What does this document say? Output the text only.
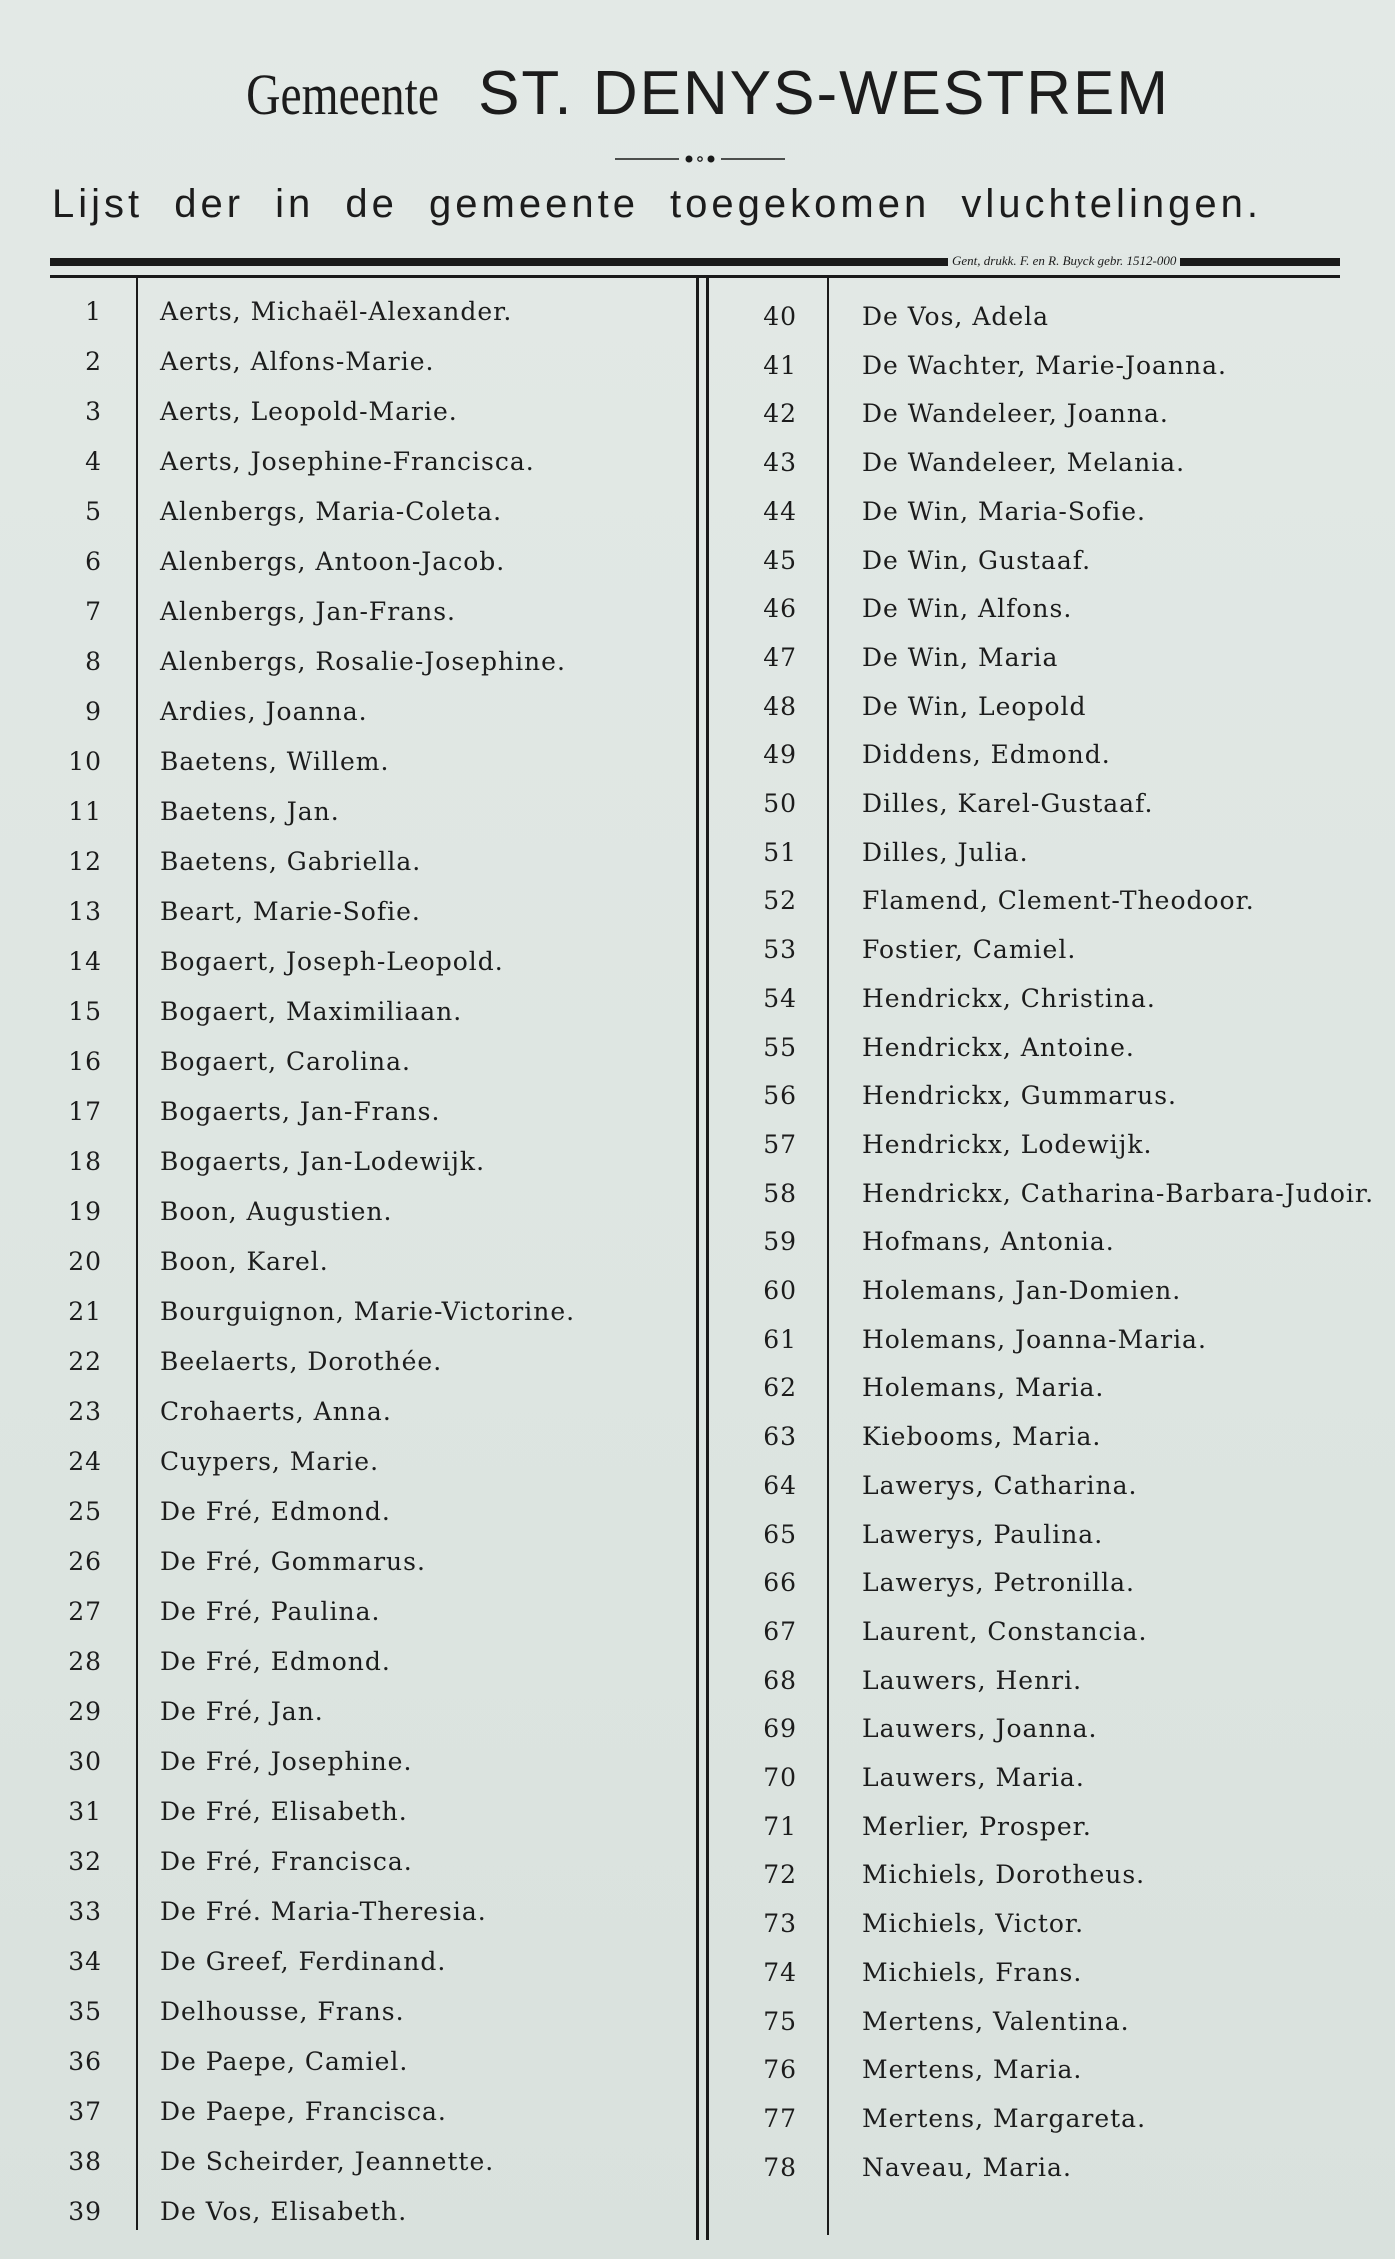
Gemeente ST. DENYS-WESTREM
Lijst der in de gemeente toegekomen vluchtelingen.
Gent, drukk. F. en R. Buyck gebr. 1512-000
1 Aerts, Michaël-Alexander.
2 Aerts, Alfons-Marie.
3 Aerts, Leopold-Marie.
4 Aerts, Josephine-Francisca.
5 Alenbergs, Maria-Coleta.
6 Alenbergs, Antoon-Jacob.
7 Alenbergs, Jan-Frans.
8 Alenbergs, Rosalie-Josephine.
9 Ardies, Joanna.
10 Baetens, Willem.
11 Baetens, Jan.
12 Baetens, Gabriella.
13 Beart, Marie-Sofie.
14 Bogaert, Joseph-Leopold.
15 Bogaert, Maximiliaan.
16 Bogaert, Carolina.
17 Bogaerts, Jan-Frans.
18 Bogaerts, Jan-Lodewijk.
19 Boon, Augustien.
20 Boon, Karel.
21 Bourguignon, Marie-Victorine.
22 Beelaerts, Dorothée.
23 Crohaerts, Anna.
24 Cuypers, Marie.
25 De Fré, Edmond.
26 De Fré, Gommarus.
27 De Fré, Paulina.
28 De Fré, Edmond.
29 De Fré, Jan.
30 De Fré, Josephine.
31 De Fré, Elisabeth.
32 De Fré, Francisca.
33 De Fré. Maria-Theresia.
34 De Greef, Ferdinand.
35 Delhousse, Frans.
36 De Paepe, Camiel.
37 De Paepe, Francisca.
38 De Scheirder, Jeannette.
39 De Vos, Elisabeth.
40	De Vos, Adela
41	De Wachter, Marie-Joanna.
42	De Wandeleer, Joanna.
43	De Wandeleer, Melania.
44	De Win, Maria-Sofie.
45	De Win, Gustaaf.
46	De Win, Alfons.
47	De Win, Maria
48	De Win, Leopold
49	Diddens, Edmond.
50	Dilles, Karel-Gustaaf.
51	Dilles, Julia.
52	Flamend, Clement-Theodoor.
53	Fostier, Camiel.
54	Hendrickx, Christina.
55	Hendrickx, Antoine.
56	Hendrickx, Gummarus.
57	Hendrickx, Lodewijk.
58	Hendrickx, Catharina-Barbara-Judoir.
59	Hofmans, Antonia.
60	Holemans, Jan-Domien.
61	Holemans, Joanna-Maria.
62	Holemans, Maria.
63	Kiebooms, Maria.
64	Lawerys, Catharina.
65	Lawerys, Paulina.
66	Lawerys, Petronilla.
67	Laurent, Constancia.
68	Lauwers, Henri.
69	Lauwers, Joanna.
70	Lauwers, Maria.
71	Merlier, Prosper.
72	Michiels, Dorotheus.
73	Michiels, Victor.
74	Michiels, Frans.
75	Mertens, Valentina.
76	Mertens, Maria.
77	Mertens, Margareta.
78	Naveau, Maria.
